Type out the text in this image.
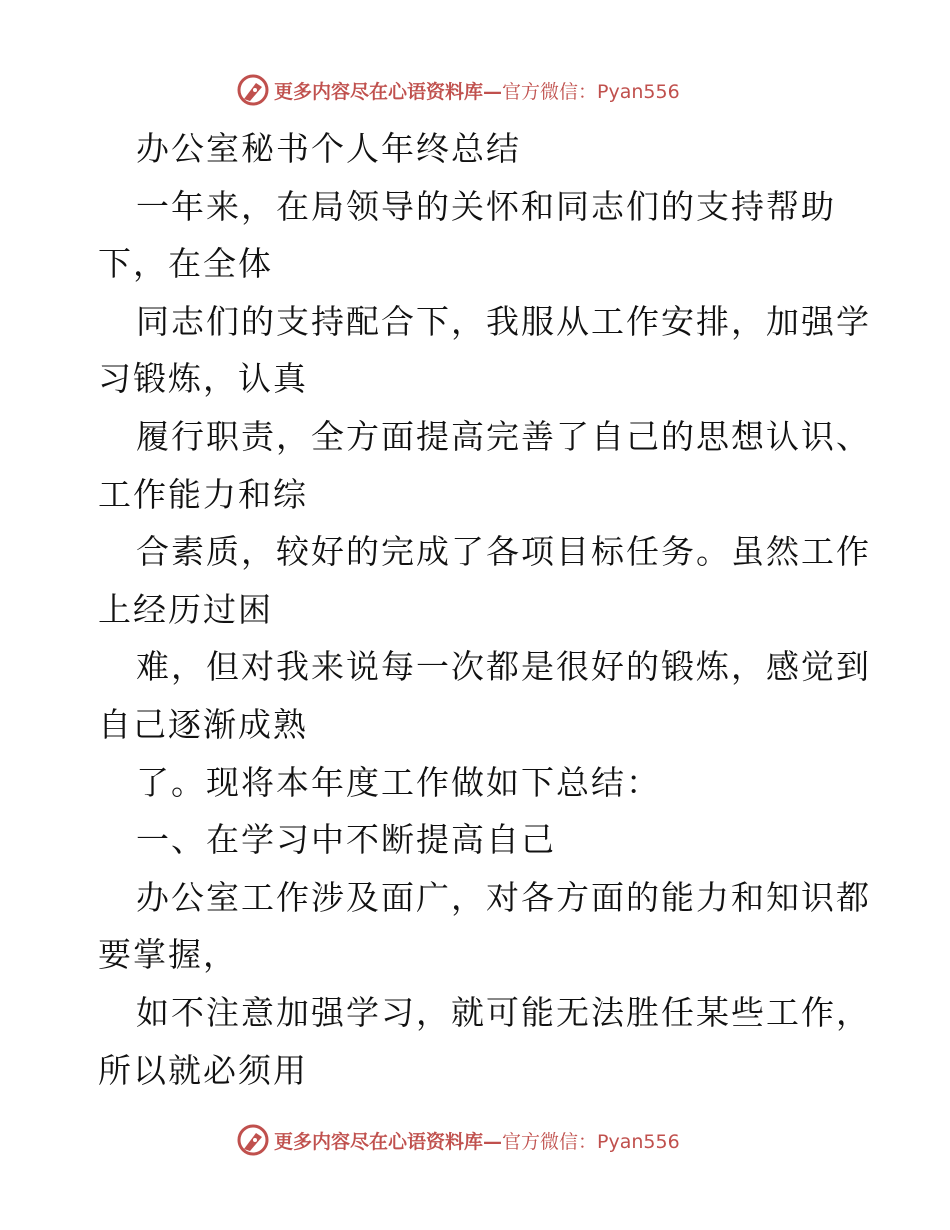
更多内容尽在心语资料库—官方微信：Pyan556
办公室秘书个人年终总结
一年来，在局领导的关怀和同志们的支持帮助
下，在全体
同志们的支持配合下，我服从工作安排，加强学
习锻炼，认真
履行职责，全方面提高完善了自己的思想认识、
工作能力和综
合素质，较好的完成了各项目标任务。虽然工作
上经历过困
难，但对我来说每一次都是很好的锻炼，感觉到
自己逐渐成熟
了。现将本年度工作做如下总结：
一、在学习中不断提高自己
办公室工作涉及面广，对各方面的能力和知识都
要掌握，
如不注意加强学习，就可能无法胜任某些工作，
所以就必须用
更多内容尽在心语资料库—官方微信：Pyan556
